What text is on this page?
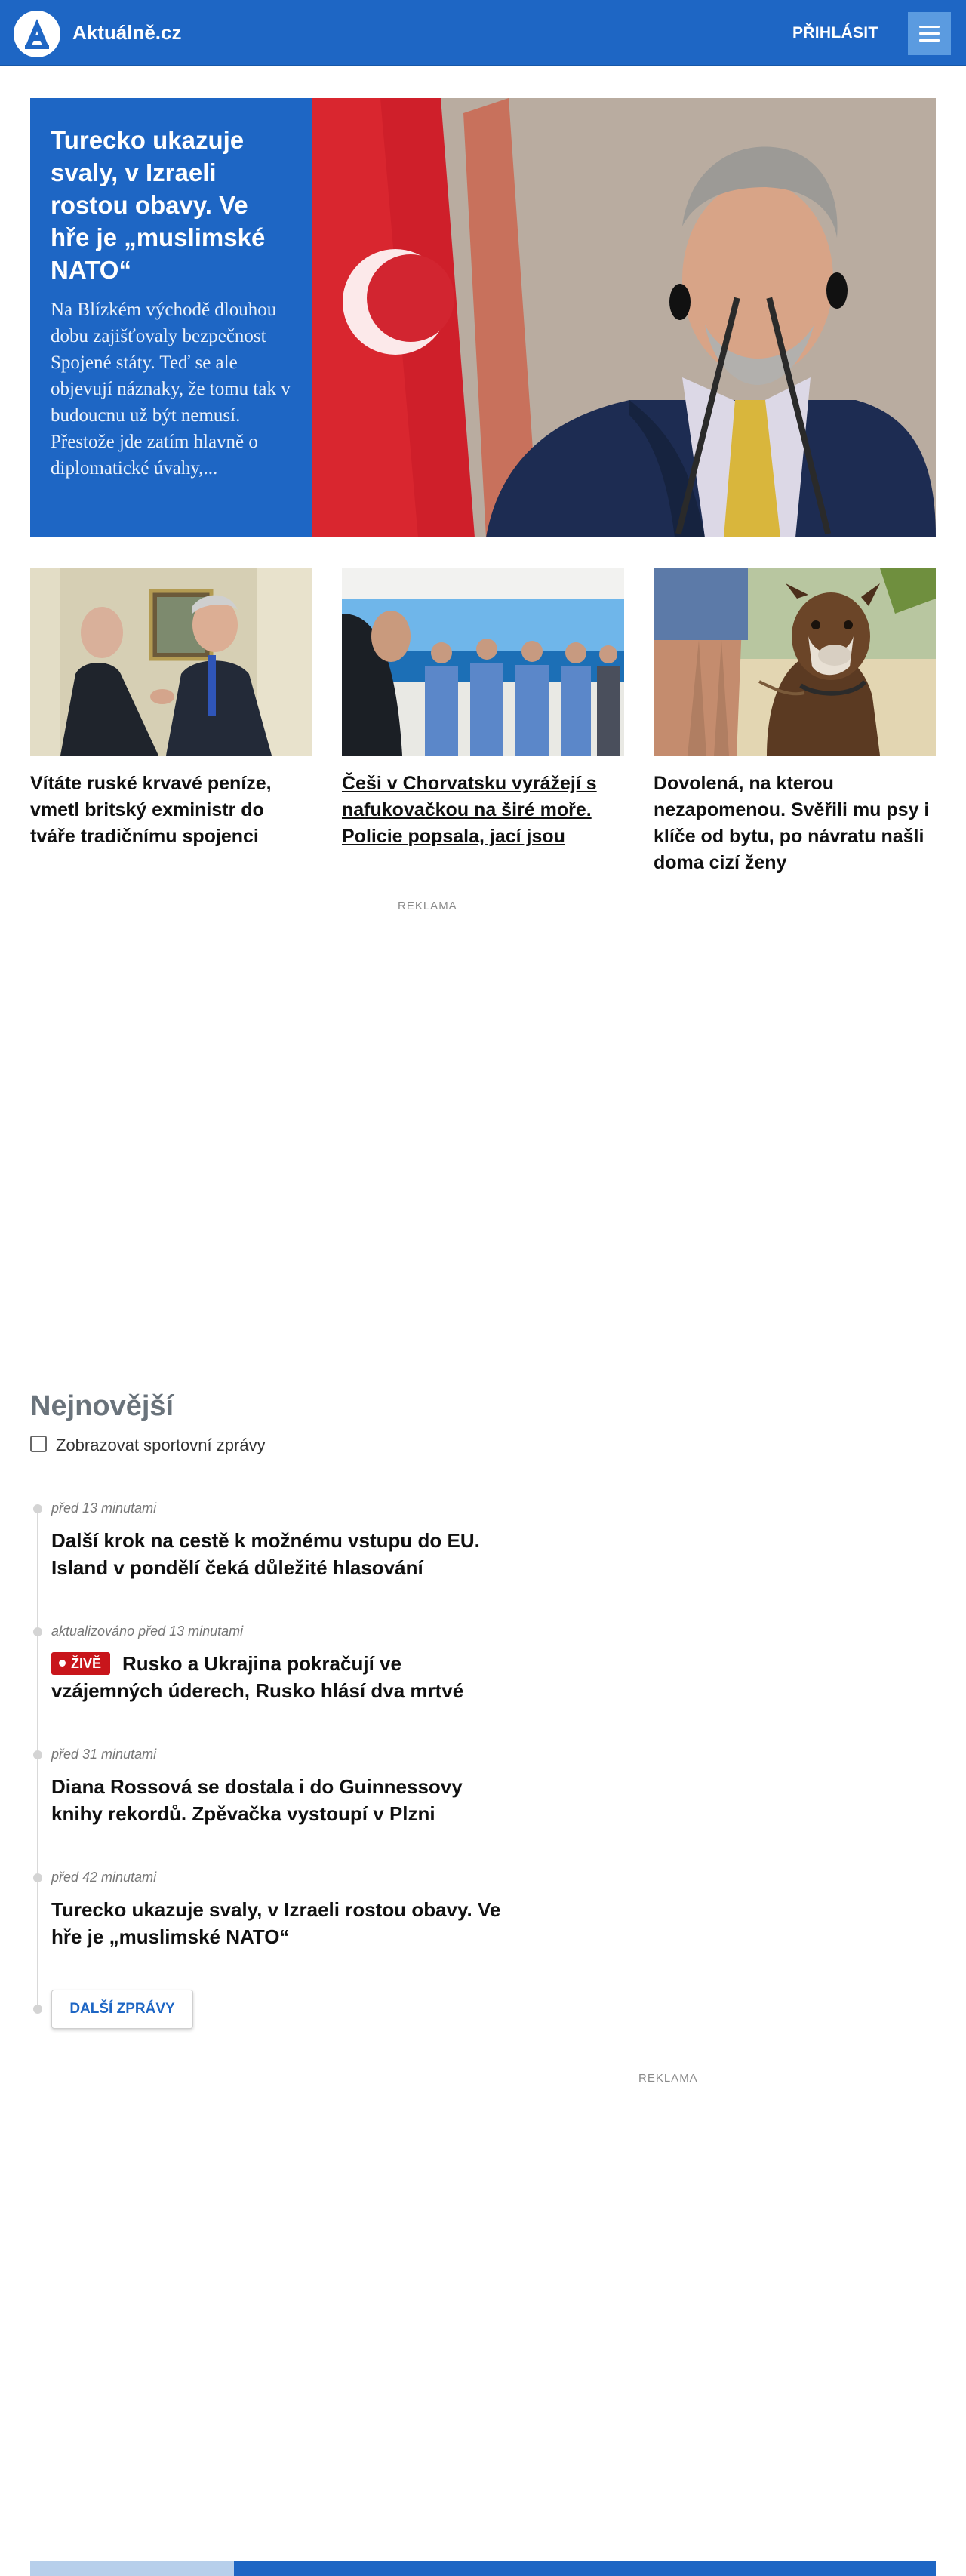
Aktuálně.cz	PŘIHLÁSIT
Turecko ukazuje svaly, v Izraeli rostou obavy. Ve hře je „muslimské NATO“
Na Blízkém východě dlouhou dobu zajišťovaly bezpečnost Spojené státy. Teď se ale objevují náznaky, že tomu tak v budoucnu už být nemusí. Přestože jde zatím hlavně o diplomatické úvahy,...
Vítáte ruské krvavé peníze, vmetl britský exministr do tváře tradičnímu spojenci
Češi v Chorvatsku vyrážejí s nafukovačkou na širé moře. Policie popsala, jací jsou
Dovolená, na kterou nezapomenou. Svěřili mu psy i klíče od bytu, po návratu našli doma cizí ženy
REKLAMA
Nejnovější
Zobrazovat sportovní zprávy
před 13 minutami
Další krok na cestě k možnému vstupu do EU. Island v pondělí čeká důležité hlasování
aktualizováno před 13 minutami
ŽIVĚ Rusko a Ukrajina pokračují ve vzájemných úderech, Rusko hlásí dva mrtvé
před 31 minutami
Diana Rossová se dostala i do Guinnessovy knihy rekordů. Zpěvačka vystoupí v Plzni
před 42 minutami
Turecko ukazuje svaly, v Izraeli rostou obavy. Ve hře je „muslimské NATO“
DALŠÍ ZPRÁVY
REKLAMA
